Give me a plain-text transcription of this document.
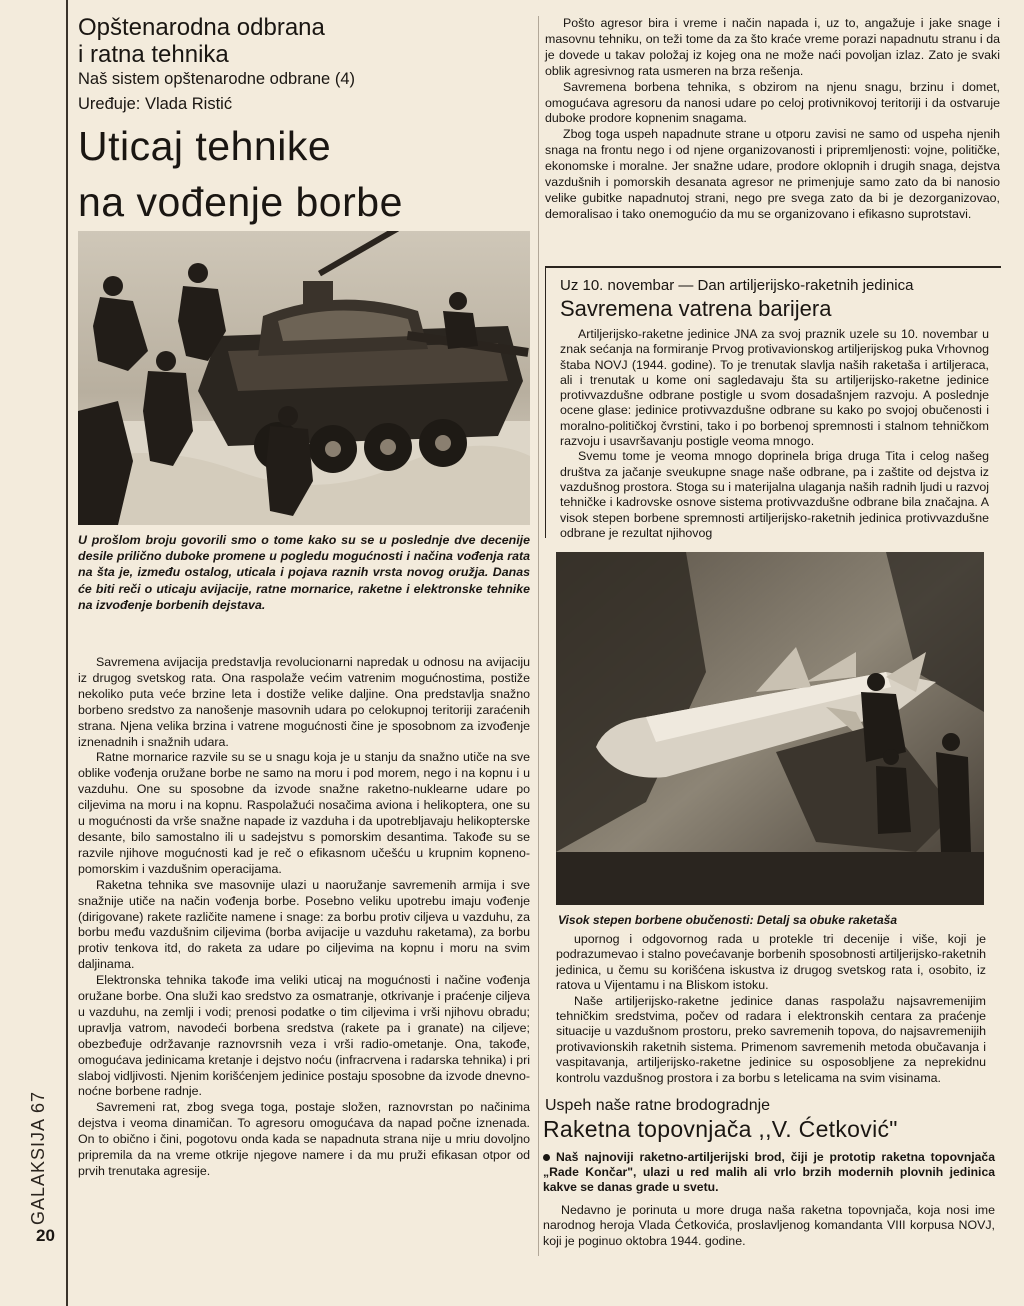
GALAKSIJA 67
20
Opštenarodna odbrana
i ratna tehnika
Naš sistem opštenarodne odbrane (4)
Uređuje: Vlada Ristić
Uticaj tehnike
na vođenje borbe

U prošlom broju govorili smo o tome kako su se u poslednje dve decenije desile prilično duboke promene u pogledu mogućnosti i načina vođenja rata na šta je, između ostalog, uticala i pojava raznih vrsta novog oružja. Danas će biti reči o uticaju avijacije, ratne mornarice, raketne i elektronske tehnike na izvođenje borbenih dejstava.

Savremena avijacija predstavlja revolucionarni napredak u odnosu na avijaciju iz drugog svetskog rata. Ona raspolaže većim vatrenim mogućnostima, postiže nekoliko puta veće brzine leta i dostiže velike daljine. Ona predstavlja snažno borbeno sredstvo za nanošenje masovnih udara po celokupnoj teritoriji zaraćenih strana. Njena velika brzina i vatrene mogućnosti čine je sposobnom za izvođenje iznenadnih i snažnih udara.

Ratne mornarice razvile su se u snagu koja je u stanju da snažno utiče na sve oblike vođenja oružane borbe ne samo na moru i pod morem, nego i na kopnu i u vazduhu. One su sposobne da izvode snažne raketno-nuklearne udare po ciljevima na moru i na kopnu. Raspolažući nosačima aviona i helikoptera, one su u mogućnosti da vrše snažne napade iz vazduha i da upotrebljavaju helikopterske desante, bilo samostalno ili u sadejstvu s pomorskim desantima. Takođe su se razvile njihove mogućnosti kad je reč o efikasnom učešću u krupnim kopneno-pomorskim i vazdušnim operacijama.

Raketna tehnika sve masovnije ulazi u naoružanje savremenih armija i sve snažnije utiče na način vođenja borbe. Posebno veliku upotrebu imaju vođenje (dirigovane) rakete različite namene i snage: za borbu protiv ciljeva u vazduhu, za borbu među vazdušnim ciljevima (borba avijacije u vazduhu raketama), za borbu protiv tenkova itd, do raketa za udare po ciljevima na kopnu i moru na svim daljinama.

Elektronska tehnika takođe ima veliki uticaj na mogućnosti i načine vođenja oružane borbe. Ona služi kao sredstvo za osmatranje, otkrivanje i praćenje ciljeva u vazduhu, na zemlji i vodi; prenosi podatke o tim ciljevima i vrši njihovu obradu; upravlja vatrom, navodeći borbena sredstva (rakete pa i granate) na ciljeve; obezbeđuje održavanje raznovrsnih veza i vrši radio-ometanje. Ona, takođe, omogućava jedinicama kretanje i dejstvo noću (infracrvena i radarska tehnika) i pri slaboj vidljivosti. Njenim korišćenjem jedinice postaju sposobne da izvode dnevno-noćne borbene radnje.

Savremeni rat, zbog svega toga, postaje složen, raznovrstan po načinima dejstva i veoma dinamičan. To agresoru omogućava da napad počne iznenada. On to obično i čini, pogotovu onda kada se napadnuta strana nije u mriu dovoljno pripremila da na vreme otkrije njegove namere i da mu pruži efikasan otpor od prvih trenutaka agresije.

Pošto agresor bira i vreme i način napada i, uz to, angažuje i jake snage i masovnu tehniku, on teži tome da za što kraće vreme porazi napadnutu stranu i da je dovede u takav položaj iz kojeg ona ne može naći povoljan izlaz. Zato je svaki oblik agresivnog rata usmeren na brza rešenja.

Savremena borbena tehnika, s obzirom na njenu snagu, brzinu i domet, omogućava agresoru da nanosi udare po celoj protivnikovoj teritoriji i da ostvaruje duboke prodore kopnenim snagama.

Zbog toga uspeh napadnute strane u otporu zavisi ne samo od uspeha njenih snaga na frontu nego i od njene organizovanosti i pripremljenosti: vojne, političke, ekonomske i moralne. Jer snažne udare, prodore oklopnih i drugih snaga, dejstva vazdušnih i pomorskih desanata agresor ne primenjuje samo zato da bi nanosio velike gubitke napadnutoj strani, nego pre svega zato da bi je dezorganizovao, demoralisao i tako onemogućio da mu se organizovano i efikasno suprotstavi.

Uz 10. novembar — Dan artiljerijsko-raketnih jedinica
Savremena vatrena barijera

Artiljerijsko-raketne jedinice JNA za svoj praznik uzele su 10. novembar u znak sećanja na formiranje Prvog protivavionskog artiljerijskog puka Vrhovnog štaba NOVJ (1944. godine). To je trenutak slavlja naših raketaša i artiljeraca, ali i trenutak u kome oni sagledavaju šta su artiljerijsko-raketne jedinice protivvazdušne odbrane postigle u svom dosadašnjem razvoju. A poslednje ocene glase: jedinice protivvazdušne odbrane su kako po svojoj obučenosti i moralno-političkoj čvrstini, tako i po borbenoj spremnosti i stalnom tehničkom razvoju i usavršavanju postigle veoma mnogo.

Svemu tome je veoma mnogo doprinela briga druga Tita i celog našeg društva za jačanje sveukupne snage naše odbrane, pa i zaštite od dejstva iz vazdušnog prostora. Stoga su i materijalna ulaganja naših radnih ljudi u razvoj tehničke i kadrovske osnove sistema protivvazdušne odbrane bila značajna. A visok stepen borbene spremnosti artiljerijsko-raketnih jedinica protivvazdušne odbrane je rezultat njihovog

Visok stepen borbene obučenosti: Detalj sa obuke raketaša

upornog i odgovornog rada u protekle tri decenije i više, koji je podrazumevao i stalno povećavanje borbenih sposobnosti artiljerijsko-raketnih jedinica, u čemu su korišćena iskustva iz drugog svetskog rata i, osobito, iz ratova u Vijentamu i na Bliskom istoku.

Naše artiljerijsko-raketne jedinice danas raspolažu najsavremenijim tehničkim sredstvima, počev od radara i elektronskih centara za praćenje situacije u vazdušnom prostoru, preko savremenih topova, do najsavremenijih protivavionskih raketnih sistema. Primenom savremenih metoda obučavanja i vaspitavanja, artiljerijsko-raketne jedinice su osposobljene za neprekidnu kontrolu vazdušnog prostora i za borbu s letelicama na svim visinama.

Uspeh naše ratne brodogradnje
Raketna topovnjača ,,V. Ćetković"

Naš najnoviji raketno-artiljerijski brod, čiji je prototip raketna topovnjača „Rade Končar", ulazi u red malih ali vrlo brzih modernih plovnih jedinica kakve se danas grade u svetu.

Nedavno je porinuta u more druga naša raketna topovnjača, koja nosi ime narodnog heroja Vlada Ćetkovića, proslavljenog komandanta VIII korpusa NOVJ, koji je poginuo oktobra 1944. godine.
